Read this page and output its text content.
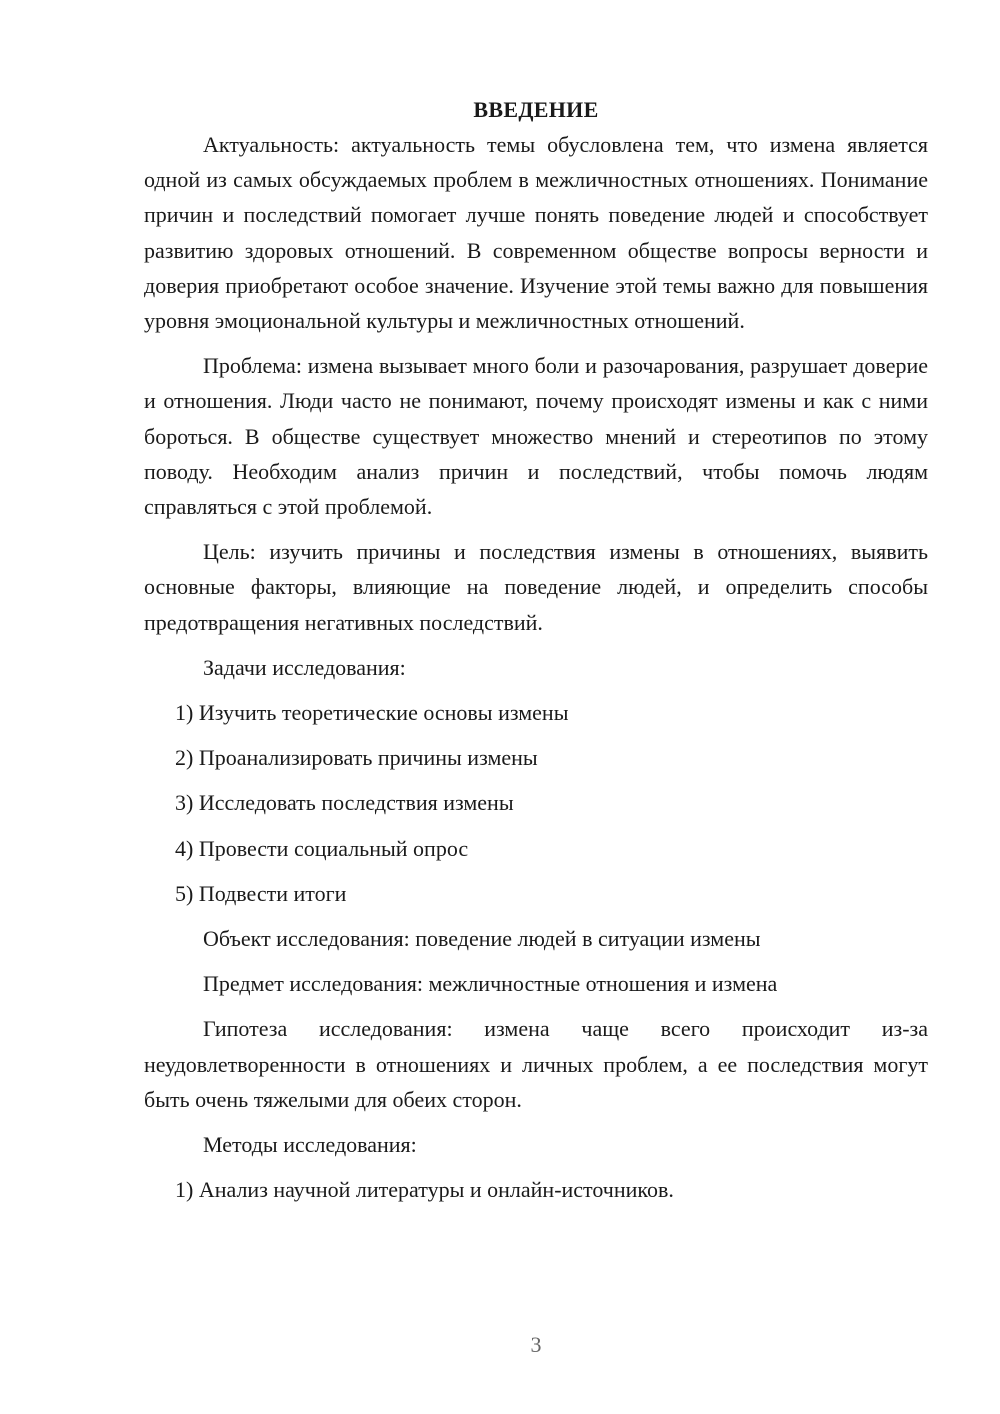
ВВЕДЕНИЕ

Актуальность: актуальность темы обусловлена тем, что измена является одной из самых обсуждаемых проблем в межличностных отношениях. Понимание причин и последствий помогает лучше понять поведение людей и способствует развитию здоровых отношений. В современном обществе вопросы верности и доверия приобретают особое значение. Изучение этой темы важно для повышения уровня эмоциональной культуры и межличностных отношений.

Проблема: измена вызывает много боли и разочарования, разрушает доверие и отношения. Люди часто не понимают, почему происходят измены и как с ними бороться. В обществе существует множество мнений и стереотипов по этому поводу. Необходим анализ причин и последствий, чтобы помочь людям справляться с этой проблемой.

Цель: изучить причины и последствия измены в отношениях, выявить основные факторы, влияющие на поведение людей, и определить способы предотвращения негативных последствий.

Задачи исследования:
1) Изучить теоретические основы измены
2) Проанализировать причины измены
3) Исследовать последствия измены
4) Провести социальный опрос
5) Подвести итоги
Объект исследования: поведение людей в ситуации измены
Предмет исследования: межличностные отношения и измена

Гипотеза исследования: измена чаще всего происходит из-за неудовлетворенности в отношениях и личных проблем, а ее последствия могут быть очень тяжелыми для обеих сторон.

Методы исследования:
1) Анализ научной литературы и онлайн-источников.
3
